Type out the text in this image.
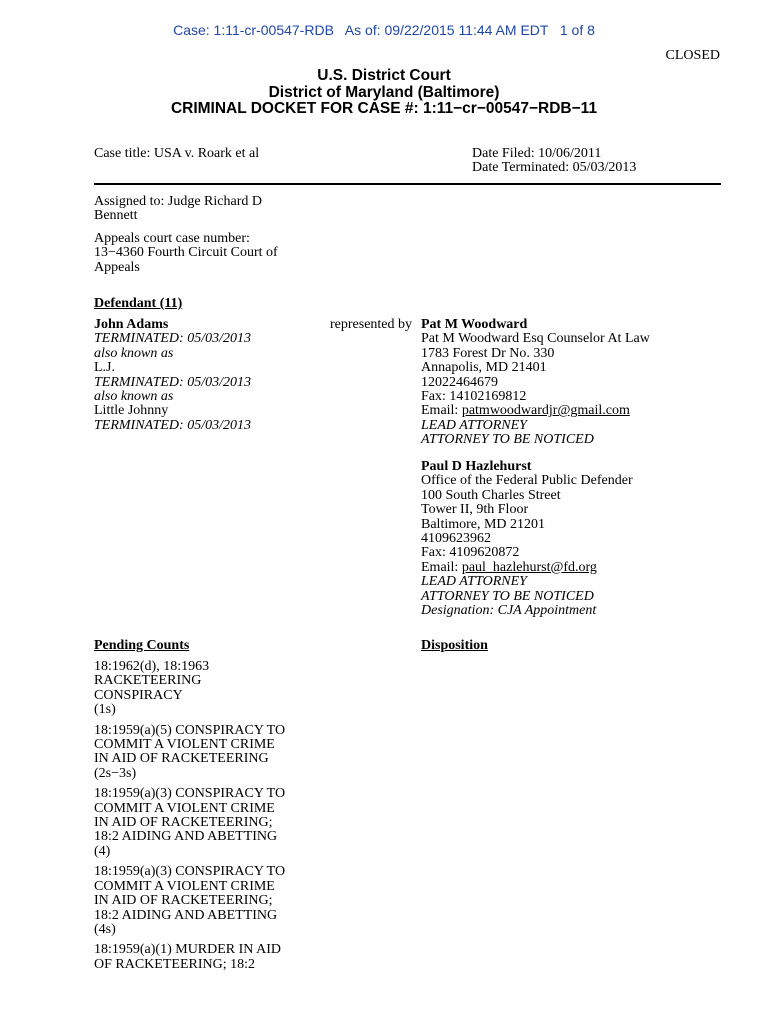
Case: 1:11-cr-00547-RDB   As of: 09/22/2015 11:44 AM EDT   1 of 8
CLOSED
U.S. District Court
District of Maryland (Baltimore)
CRIMINAL DOCKET FOR CASE #: 1:11−cr−00547−RDB−11
Case title: USA v. Roark et al	Date Filed: 10/06/2011
Date Terminated: 05/03/2013
Assigned to: Judge Richard D
Bennett
Appeals court case number:
13−4360 Fourth Circuit Court of
Appeals
Defendant (11)
John Adams
TERMINATED: 05/03/2013
also known as
L.J.
TERMINATED: 05/03/2013
also known as
Little Johnny
TERMINATED: 05/03/2013
represented by Pat M Woodward
Pat M Woodward Esq Counselor At Law
1783 Forest Dr No. 330
Annapolis, MD 21401
12022464679
Fax: 14102169812
Email: patmwoodwardjr@gmail.com
LEAD ATTORNEY
ATTORNEY TO BE NOTICED
Paul D Hazlehurst
Office of the Federal Public Defender
100 South Charles Street
Tower II, 9th Floor
Baltimore, MD 21201
4109623962
Fax: 4109620872
Email: paul_hazlehurst@fd.org
LEAD ATTORNEY
ATTORNEY TO BE NOTICED
Designation: CJA Appointment
Pending Counts	Disposition
18:1962(d), 18:1963
RACKETEERING
CONSPIRACY
(1s)
18:1959(a)(5) CONSPIRACY TO
COMMIT A VIOLENT CRIME
IN AID OF RACKETEERING
(2s−3s)
18:1959(a)(3) CONSPIRACY TO
COMMIT A VIOLENT CRIME
IN AID OF RACKETEERING;
18:2 AIDING AND ABETTING
(4)
18:1959(a)(3) CONSPIRACY TO
COMMIT A VIOLENT CRIME
IN AID OF RACKETEERING;
18:2 AIDING AND ABETTING
(4s)
18:1959(a)(1) MURDER IN AID
OF RACKETEERING; 18:2
